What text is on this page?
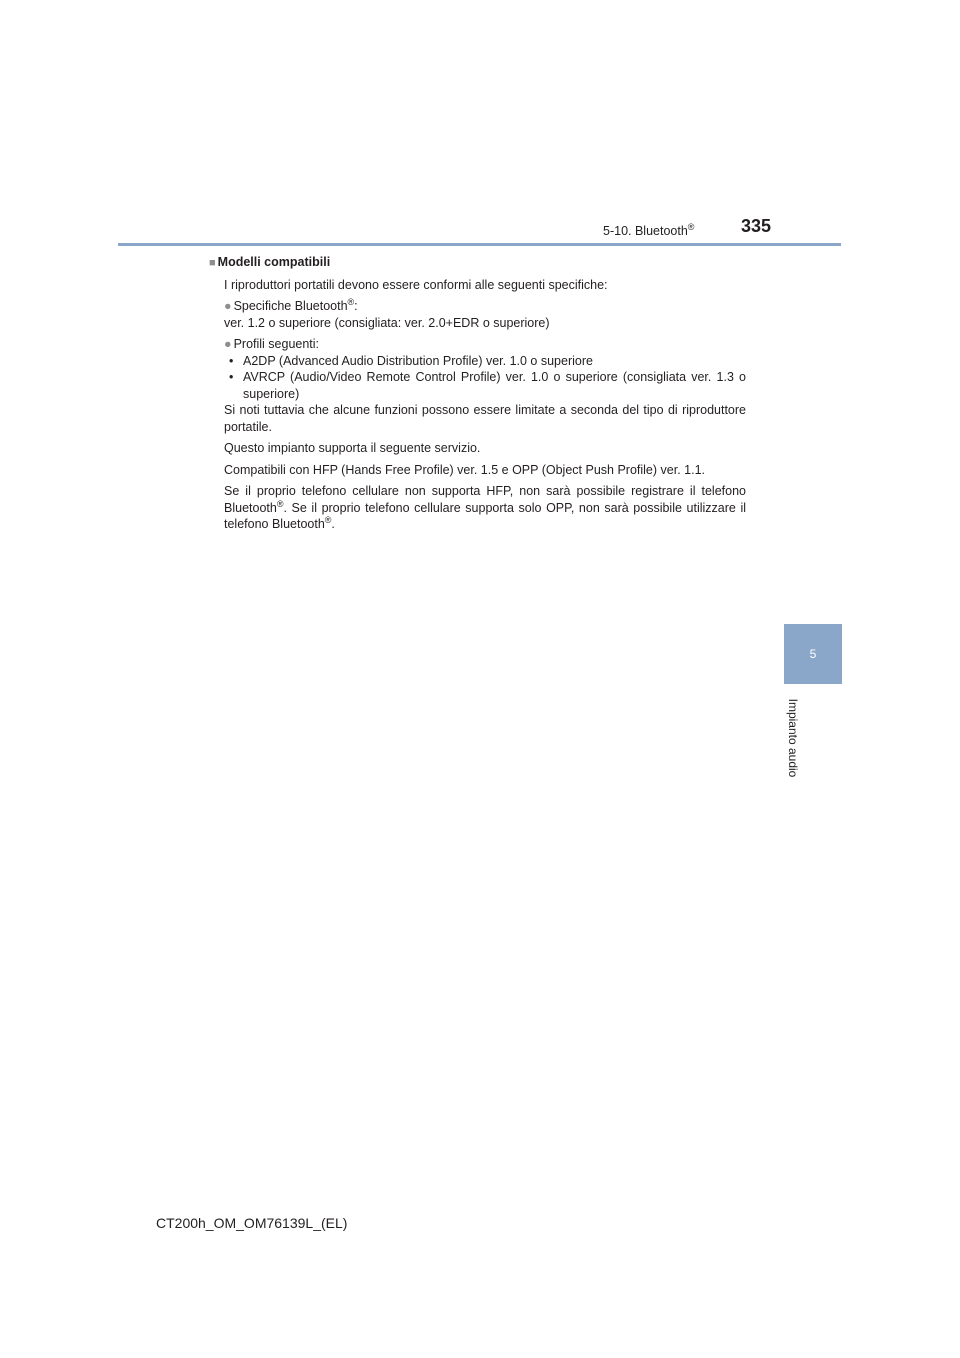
5-10. Bluetooth®	335
5
Impianto audio

■ Modelli compatibili

I riproduttori portatili devono essere conformi alle seguenti specifiche:

● Specifiche Bluetooth®:

ver. 1.2 o superiore (consigliata: ver. 2.0+EDR o superiore)

● Profili seguenti:

• A2DP (Advanced Audio Distribution Profile) ver. 1.0 o superiore

• AVRCP (Audio/Video Remote Control Profile) ver. 1.0 o superiore (consigliata ver. 1.3 o superiore)

Si noti tuttavia che alcune funzioni possono essere limitate a seconda del tipo di riproduttore portatile.

Questo impianto supporta il seguente servizio.

Compatibili con HFP (Hands Free Profile) ver. 1.5 e OPP (Object Push Profile) ver. 1.1.

Se il proprio telefono cellulare non supporta HFP, non sarà possibile registrare il telefono Bluetooth®. Se il proprio telefono cellulare supporta solo OPP, non sarà possibile utilizzare il telefono Bluetooth®.

CT200h_OM_OM76139L_(EL)
